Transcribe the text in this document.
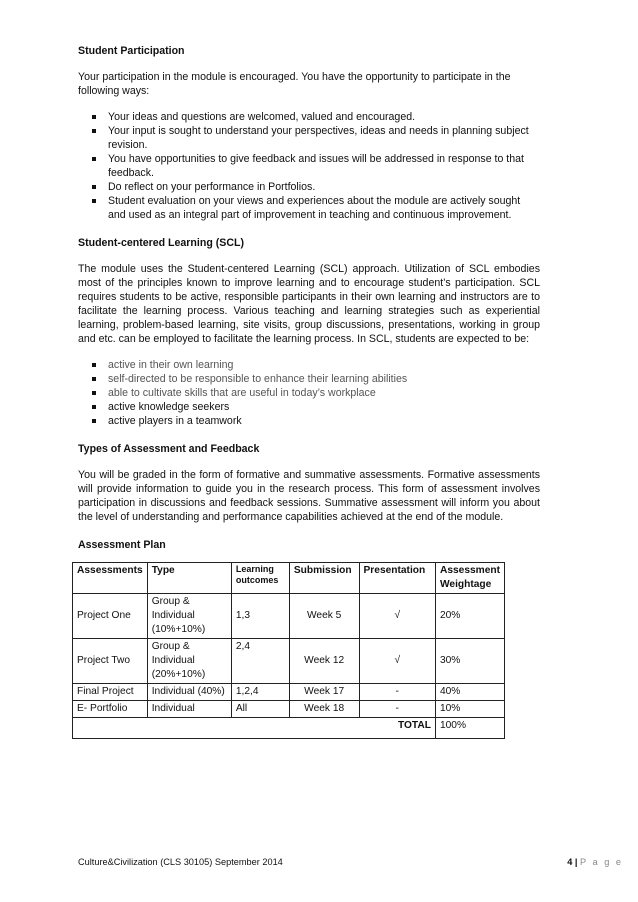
Student Participation

Your participation in the module is encouraged. You have the opportunity to participate in the following ways:

Your ideas and questions are welcomed, valued and encouraged.
Your input is sought to understand your perspectives, ideas and needs in planning subject revision.
You have opportunities to give feedback and issues will be addressed in response to that feedback.
Do reflect on your performance in Portfolios.
Student evaluation on your views and experiences about the module are actively sought and used as an integral part of improvement in teaching and continuous improvement.

Student-centered Learning (SCL)

The module uses the Student-centered Learning (SCL) approach. Utilization of SCL embodies most of the principles known to improve learning and to encourage student’s participation. SCL requires students to be active, responsible participants in their own learning and instructors are to facilitate the learning process. Various teaching and learning strategies such as experiential learning, problem-based learning, site visits, group discussions, presentations, working in group and etc. can be employed to facilitate the learning process. In SCL, students are expected to be:

active in their own learning
self-directed to be responsible to enhance their learning abilities
able to cultivate skills that are useful in today’s workplace
active knowledge seekers
active players in a teamwork

Types of Assessment and Feedback

You will be graded in the form of formative and summative assessments. Formative assessments will provide information to guide you in the research process. This form of assessment involves participation in discussions and feedback sessions. Summative assessment will inform you about the level of understanding and performance capabilities achieved at the end of the module.

Assessment Plan

Assessments	Type	Learning outcomes	Submission	Presentation	Assessment Weightage
Project One	Group & Individual (10%+10%)	1,3	Week 5	√	20%
Project Two	Group & Individual (20%+10%)	2,4	Week 12	√	30%
Final Project	Individual (40%)	1,2,4	Week 17	-	40%
E- Portfolio	Individual	All	Week 18	-	10%
TOTAL					100%
Culture&Civilization (CLS 30105) September 2014	4 | P a g e
